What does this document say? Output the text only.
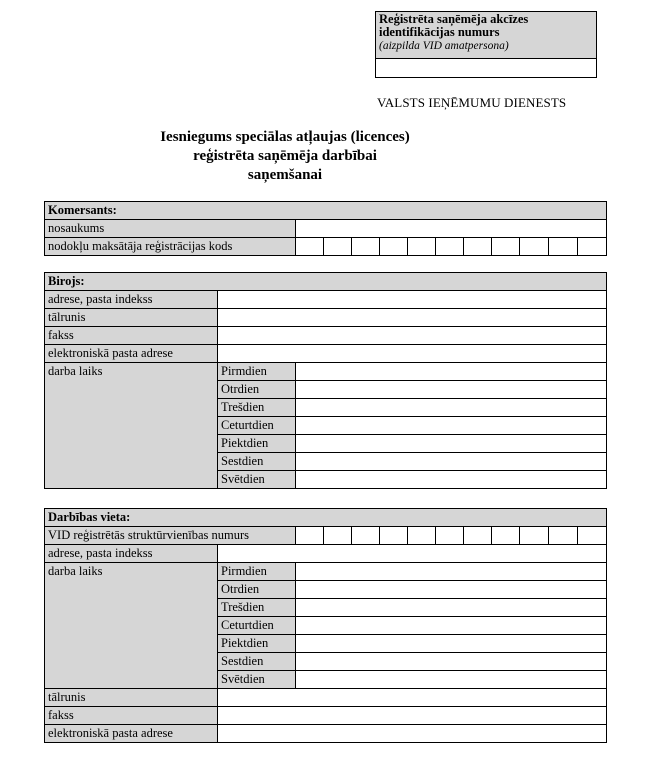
Reģistrēta saņēmēja akcīzes
identifikācijas numurs
(aizpilda VID amatpersona)
VALSTS IEŅĒMUMU DIENESTS
Iesniegums speciālas atļaujas (licences)
reģistrēta saņēmēja darbībai
saņemšanai
Komersants:											
nosaukums											
nodokļu maksātāja reģistrācijas kods											
Birojs:		
adrese, pasta indekss		
tālrunis		
fakss		
elektroniskā pasta adrese		
darba laiks	Pirmdien	
	Otrdien	
	Trešdien	
	Ceturtdien	
	Piektdien	
	Sestdien	
	Svētdien	
Darbības vieta:												
VID reģistrētās struktūrvienības numurs												
adrese, pasta indekss												
darba laiks	Pirmdien											
	Otrdien											
	Trešdien											
	Ceturtdien											
	Piektdien											
	Sestdien											
	Svētdien											
tālrunis												
fakss												
elektroniskā pasta adrese												
